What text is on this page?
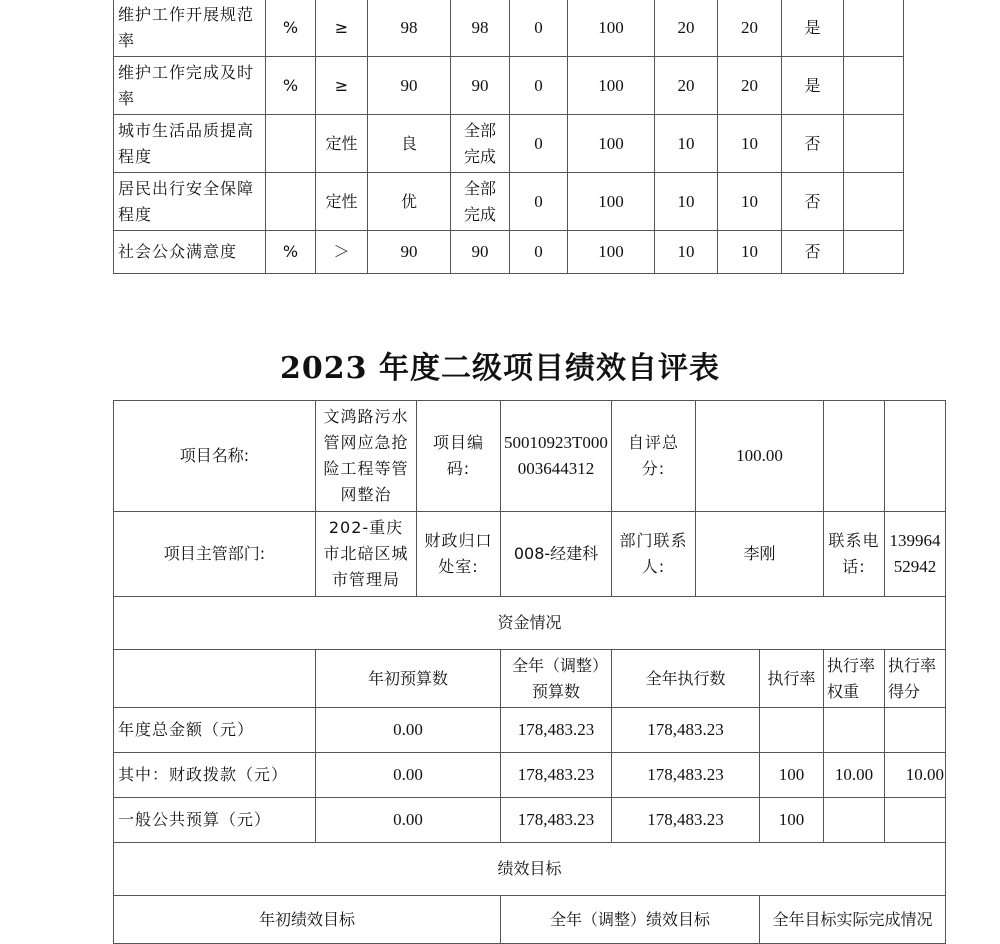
维护工作开展规范率	%	≥	98	98	0	100	20	20	是	
维护工作完成及时率	%	≥	90	90	0	100	20	20	是	
城市生活品质提高程度		定性	良	全部完成	0	100	10	10	否	
居民出行安全保障程度		定性	优	全部完成	0	100	10	10	否	
社会公众满意度	%	＞	90	90	0	100	10	10	否	
2023 年度二级项目绩效自评表
项目名称:	文鸿路污水管网应急抢险工程等管网整治	项目编码:	50010923T000003644312	自评总分:	100.00			
项目主管部门:	202-重庆市北碚区城市管理局	财政归口处室:	008-经建科	部门联系人:	李刚		联系电话:	13996452942
资金情况								
	年初预算数		全年（调整）预算数	全年执行数		执行率	执行率权重	执行率得分
年度总金额（元）	0.00		178,483.23	178,483.23				
其中：财政拨款（元）	0.00		178,483.23	178,483.23		100	10.00	10.00
一般公共预算（元）	0.00		178,483.23	178,483.23		100		
绩效目标								
年初绩效目标			全年（调整）绩效目标			全年目标实际完成情况		
